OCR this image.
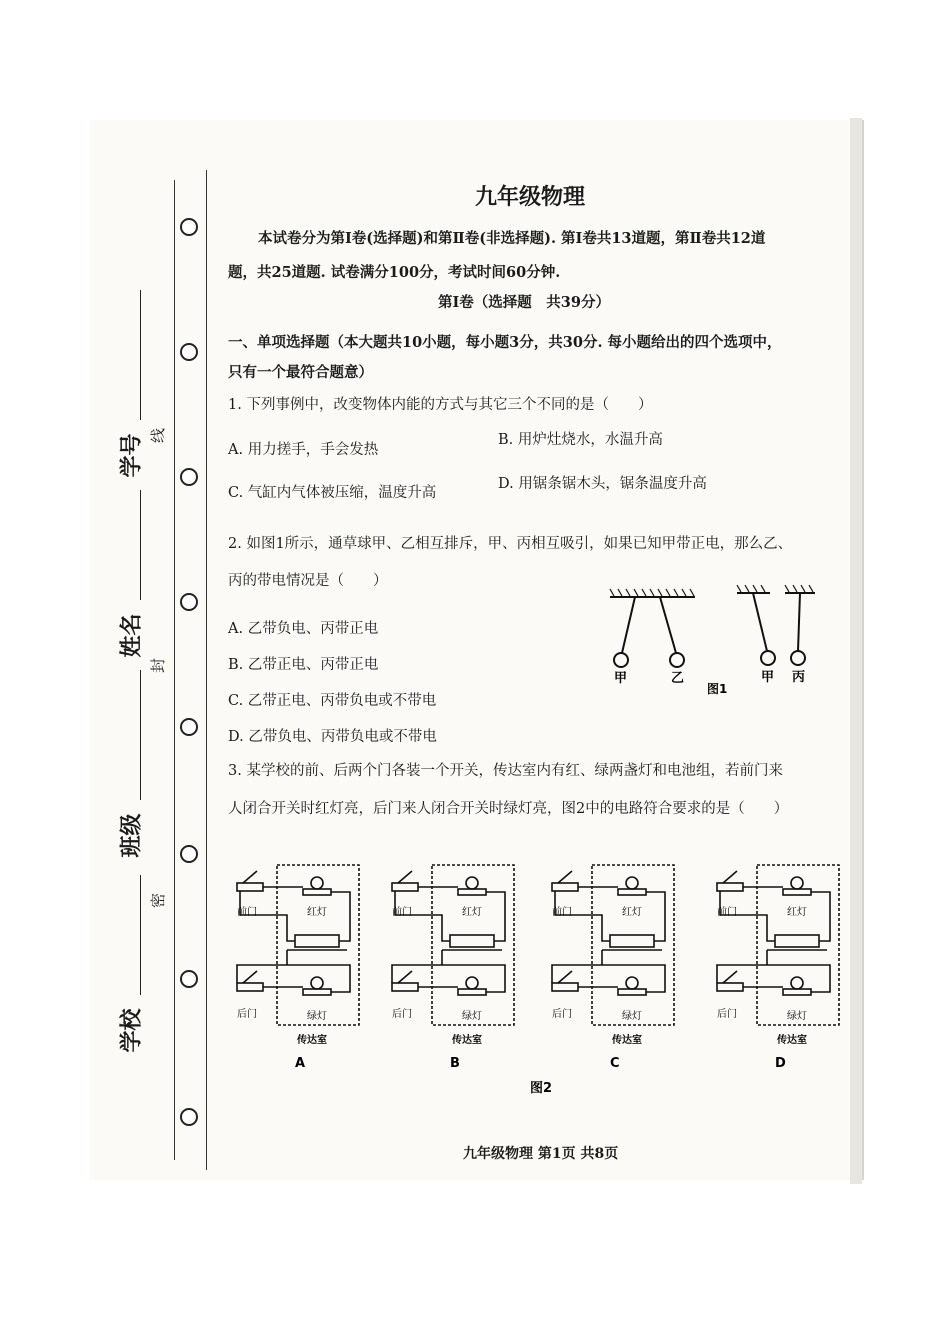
学号
姓名
班级
学校
线
封
密
九年级物理
本试卷分为第Ⅰ卷(选择题)和第Ⅱ卷(非选择题). 第Ⅰ卷共13道题，第Ⅱ卷共12道
题，共25道题. 试卷满分100分，考试时间60分钟.
第Ⅰ卷（选择题　共39分）
一、单项选择题（本大题共10小题，每小题3分，共30分. 每小题给出的四个选项中，
只有一个最符合题意）
1. 下列事例中，改变物体内能的方式与其它三个不同的是（　　）
A. 用力搓手，手会发热
B. 用炉灶烧水，水温升高
C. 气缸内气体被压缩，温度升高
D. 用锯条锯木头，锯条温度升高
2. 如图1所示，通草球甲、乙相互排斥，甲、丙相互吸引，如果已知甲带正电，那么乙、
丙的带电情况是（　　）
A. 乙带负电、丙带正电
B. 乙带正电、丙带正电
C. 乙带正电、丙带负电或不带电
D. 乙带负电、丙带负电或不带电
甲	乙
图1
甲 丙
3. 某学校的前、后两个门各装一个开关，传达室内有红、绿两盏灯和电池组，若前门来
人闭合开关时红灯亮，后门来人闭合开关时绿灯亮，图2中的电路符合要求的是（　　）
图2
前门	红灯
后门	绿灯
传达室
A
前门	红灯
后门	绿灯
传达室
B
前门	红灯
后门	绿灯
传达室
C
前门	红灯
后门	绿灯
传达室
D
九年级物理 第1页 共8页
